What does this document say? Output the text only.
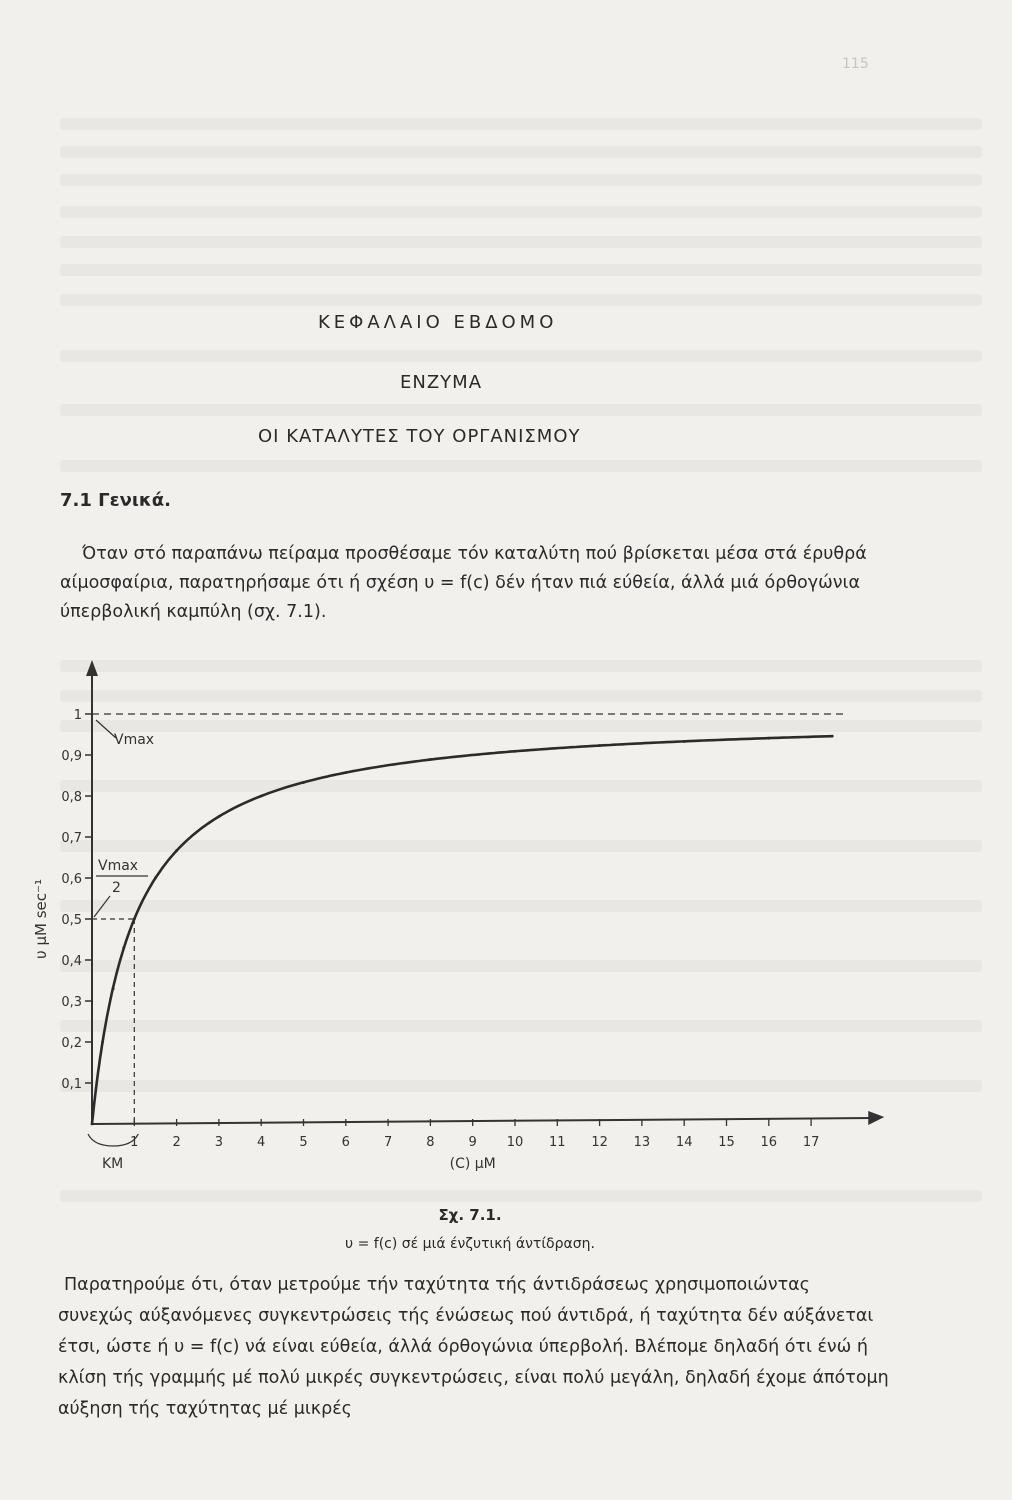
115
ΚΕΦΑΛΑΙΟ ΕΒΔΟΜΟ
ΕΝΖΥΜΑ
ΟΙ ΚΑΤΑΛΥΤΕΣ ΤΟΥ ΟΡΓΑΝΙΣΜΟΥ
7.1 Γενικά.

Όταν στό παραπάνω πείραμα προσθέσαμε τόν καταλύτη πού βρίσκεται μέσα στά έρυθρά αίμοσφαίρια, παρατηρήσαμε ότι ή σχέση υ = f(c) δέν ήταν πιά εύθεία, άλλά μιά όρθογώνια ύπερβολική καμπύλη (σχ. 7.1).

Vmax
Vmax
2
KM
0,1
0,2
0,3
0,4
0,5
0,6
0,7
0,8
0,9
1
1	2	3	4	5	6	7	8	9 10 11 12 13 14 15 16 17
(C) μM
υ μM sec⁻¹
Σχ. 7.1.
υ = f(c) σέ μιά ένζυτική άντίδραση.

Παρατηρούμε ότι, όταν μετρούμε τήν ταχύτητα τής άντιδράσεως χρησιμοποιώντας συνεχώς αύξανόμενες συγκεντρώσεις τής ένώσεως πού άντιδρά, ή ταχύτητα δέν αύξάνεται έτσι, ώστε ή υ = f(c) νά είναι εύθεία, άλλά όρθογώνια ύπερβολή. Βλέπομε δηλαδή ότι ένώ ή κλίση τής γραμμής μέ πολύ μικρές συγκεντρώσεις, είναι πολύ μεγάλη, δηλαδή έχομε άπότομη αύξηση τής ταχύτητας μέ μικρές
